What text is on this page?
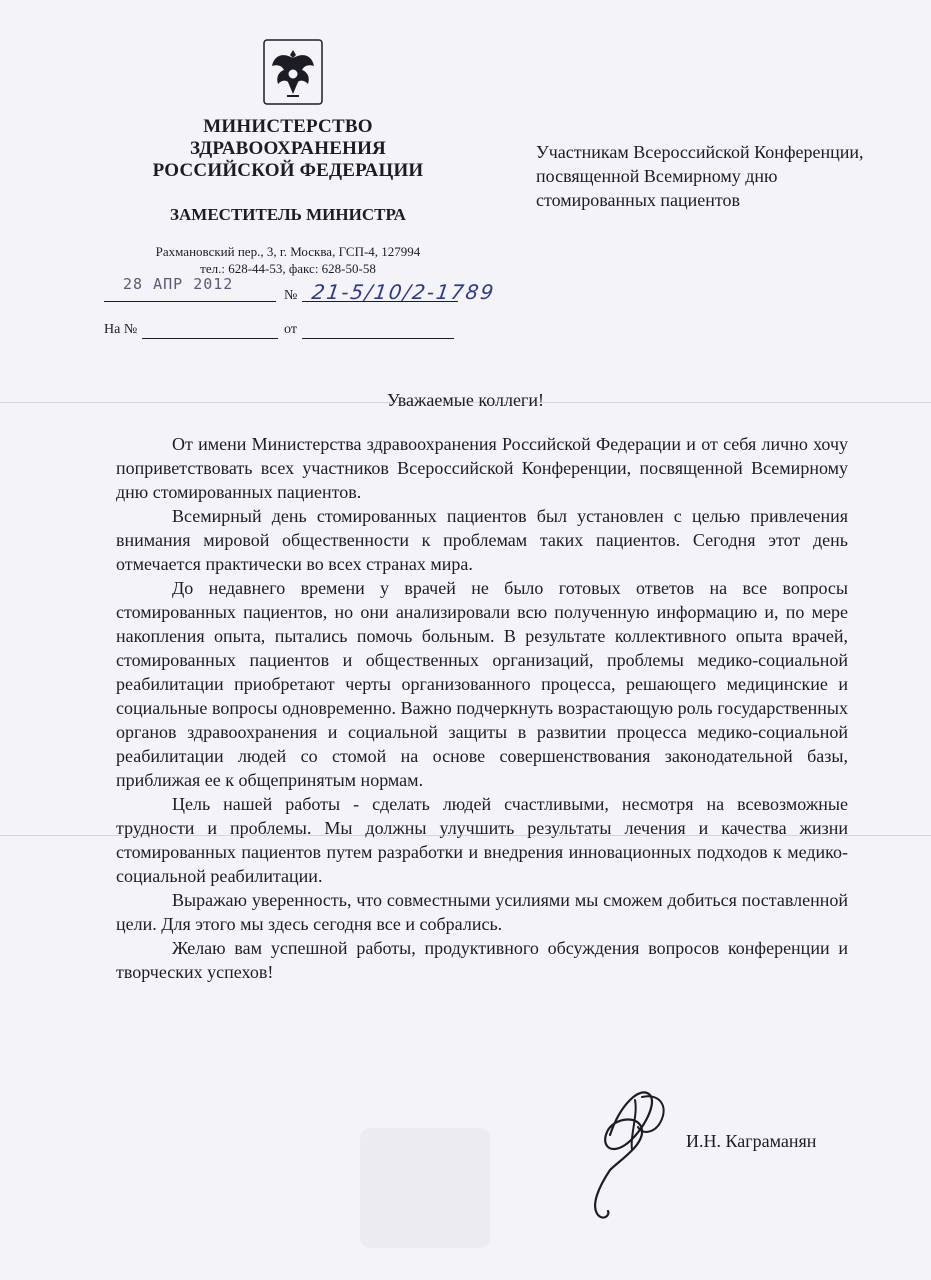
МИНИСТЕРСТВО
ЗДРАВООХРАНЕНИЯ
РОССИЙСКОЙ ФЕДЕРАЦИИ
ЗАМЕСТИТЕЛЬ МИНИСТРА
Рахмановский пер., 3, г. Москва, ГСП-4, 127994
тел.: 628-44-53, факс: 628-50-58
28 АПР 2012
№ 21-5/10/2-1789
На №	от
Участникам Всероссийской Конференции, посвященной Всемирному дню стомированных пациентов
Уважаемые коллеги!

От имени Министерства здравоохранения Российской Федерации и от себя лично хочу поприветствовать всех участников Всероссийской Конференции, посвященной Всемирному дню стомированных пациентов.

Всемирный день стомированных пациентов был установлен с целью привлечения внимания мировой общественности к проблемам таких пациентов. Сегодня этот день отмечается практически во всех странах мира.

До недавнего времени у врачей не было готовых ответов на все вопросы стомированных пациентов, но они анализировали всю полученную информацию и, по мере накопления опыта, пытались помочь больным. В результате коллективного опыта врачей, стомированных пациентов и общественных организаций, проблемы медико-социальной реабилитации приобретают черты организованного процесса, решающего медицинские и социальные вопросы одновременно. Важно подчеркнуть возрастающую роль государственных органов здравоохранения и социальной защиты в развитии процесса медико-социальной реабилитации людей со стомой на основе совершенствования законодательной базы, приближая ее к общепринятым нормам.

Цель нашей работы - сделать людей счастливыми, несмотря на всевозможные трудности и проблемы. Мы должны улучшить результаты лечения и качества жизни стомированных пациентов путем разработки и внедрения инновационных подходов к медико-социальной реабилитации.

Выражаю уверенность, что совместными усилиями мы сможем добиться поставленной цели. Для этого мы здесь сегодня все и собрались.

Желаю вам успешной работы, продуктивного обсуждения вопросов конференции и творческих успехов!

И.Н. Каграманян
